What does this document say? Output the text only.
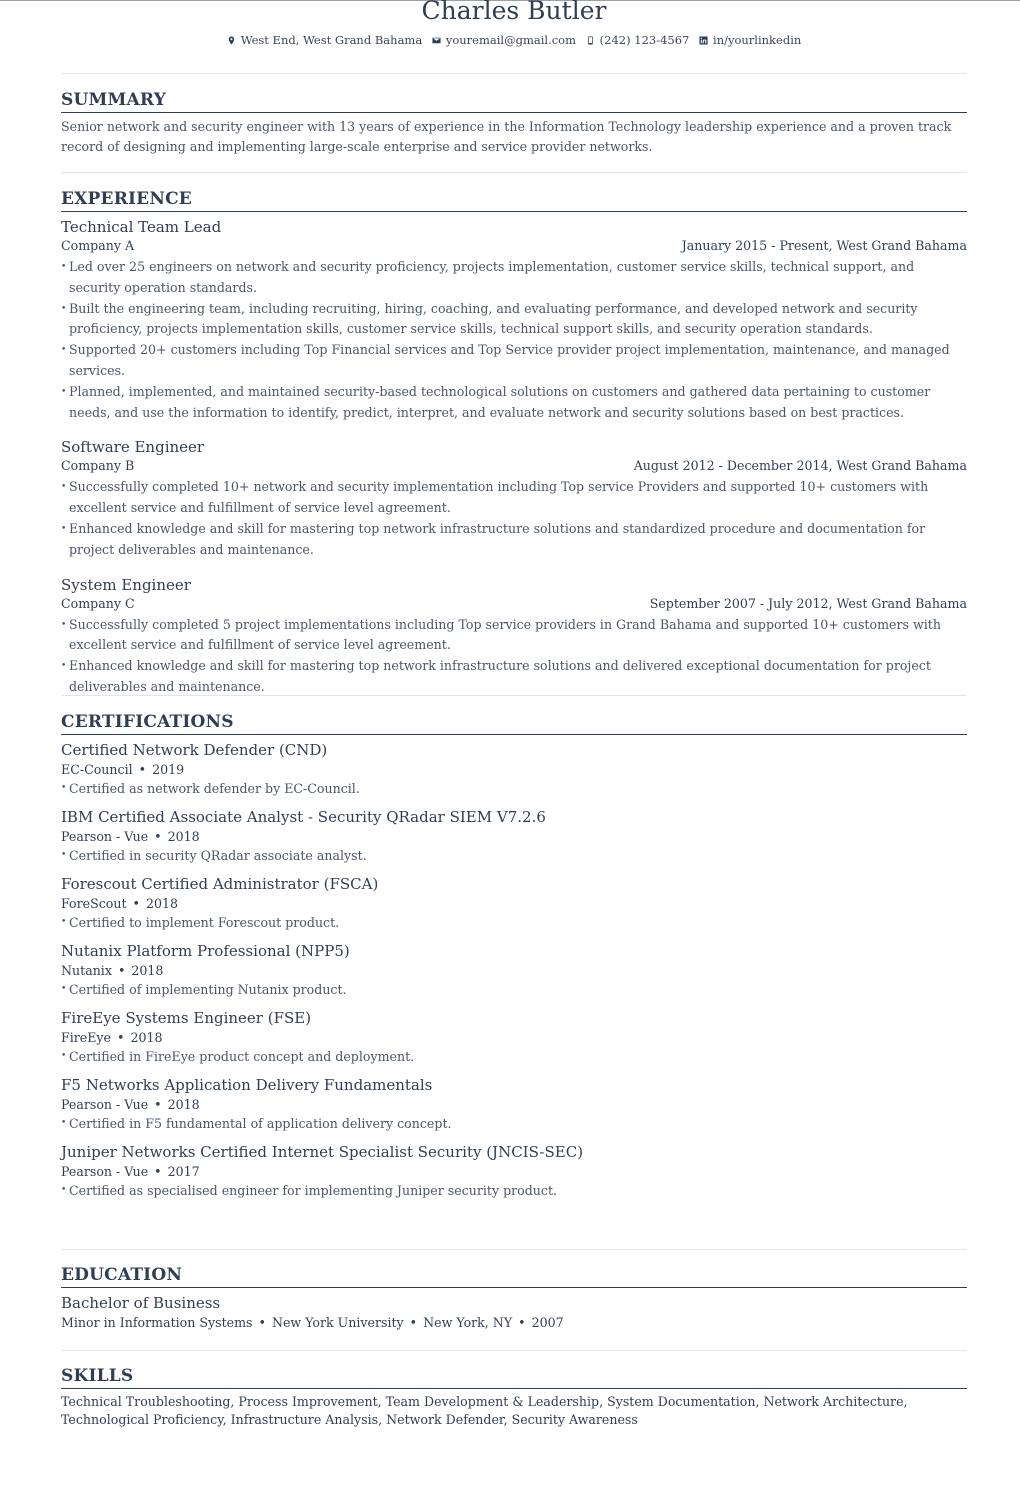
Charles Butler
West End, West Grand Bahama
youremail@gmail.com
(242) 123-4567
in/yourlinkedin
SUMMARY
Senior network and security engineer with 13 years of experience in the Information Technology leadership experience and a proven track record of designing and implementing large-scale enterprise and service provider networks.
EXPERIENCE
Technical Team Lead
Company A	January 2015 - Present, West Grand Bahama
• Led over 25 engineers on network and security proficiency, projects implementation, customer service skills, technical support, and security operation standards.
• Built the engineering team, including recruiting, hiring, coaching, and evaluating performance, and developed network and security proficiency, projects implementation skills, customer service skills, technical support skills, and security operation standards.
• Supported 20+ customers including Top Financial services and Top Service provider project implementation, maintenance, and managed services.
• Planned, implemented, and maintained security-based technological solutions on customers and gathered data pertaining to customer needs, and use the information to identify, predict, interpret, and evaluate network and security solutions based on best practices.
Software Engineer
Company B	August 2012 - December 2014, West Grand Bahama
• Successfully completed 10+ network and security implementation including Top service Providers and supported 10+ customers with excellent service and fulfillment of service level agreement.
• Enhanced knowledge and skill for mastering top network infrastructure solutions and standardized procedure and documentation for project deliverables and maintenance.
System Engineer
Company C	September 2007 - July 2012, West Grand Bahama
• Successfully completed 5 project implementations including Top service providers in Grand Bahama and supported 10+ customers with excellent service and fulfillment of service level agreement.
• Enhanced knowledge and skill for mastering top network infrastructure solutions and delivered exceptional documentation for project deliverables and maintenance.
CERTIFICATIONS
Certified Network Defender (CND)
EC-Council • 2019
• Certified as network defender by EC-Council.
IBM Certified Associate Analyst - Security QRadar SIEM V7.2.6
Pearson - Vue • 2018
• Certified in security QRadar associate analyst.
Forescout Certified Administrator (FSCA)
ForeScout • 2018
• Certified to implement Forescout product.
Nutanix Platform Professional (NPP5)
Nutanix • 2018
• Certified of implementing Nutanix product.
FireEye Systems Engineer (FSE)
FireEye • 2018
• Certified in FireEye product concept and deployment.
F5 Networks Application Delivery Fundamentals
Pearson - Vue • 2018
• Certified in F5 fundamental of application delivery concept.
Juniper Networks Certified Internet Specialist Security (JNCIS-SEC)
Pearson - Vue • 2017
• Certified as specialised engineer for implementing Juniper security product.
EDUCATION
Bachelor of Business
Minor in Information Systems • New York University • New York, NY • 2007
SKILLS
Technical Troubleshooting, Process Improvement, Team Development & Leadership, System Documentation, Network Architecture, Technological Proficiency, Infrastructure Analysis, Network Defender, Security Awareness
